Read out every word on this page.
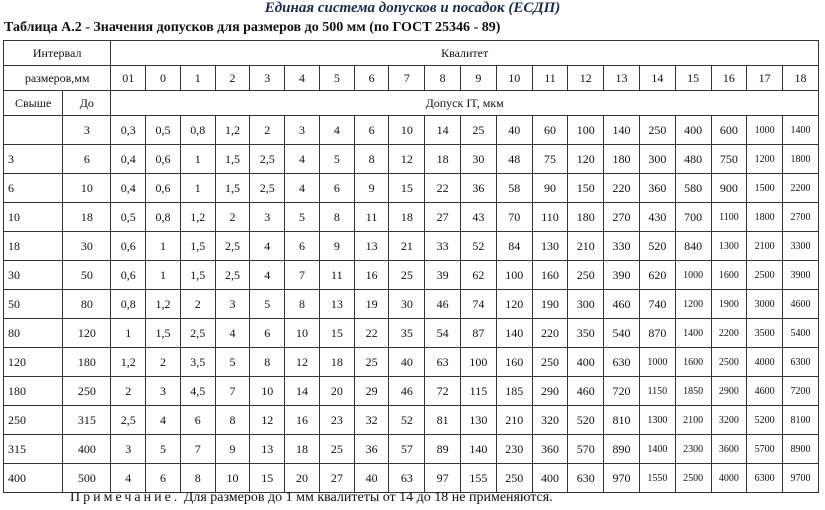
Единая система допусков и посадок (ЕСДП)
Таблица А.2 - Значения допусков для размеров до 500 мм (по ГОСТ 25346 - 89)
Интервал		Квалитет																			
размеров,мм		01	0	1	2	3	4	5	6	7	8	9	10	11	12	13	14	15	16	17	18
Свыше	До	Допуск IT, мкм																			
	3	0,3	0,5	0,8	1,2	2	3	4	6	10	14	25	40	60	100	140	250	400	600	1000	1400
3	6	0,4	0,6	1	1,5	2,5	4	5	8	12	18	30	48	75	120	180	300	480	750	1200	1800
6	10	0,4	0,6	1	1,5	2,5	4	6	9	15	22	36	58	90	150	220	360	580	900	1500	2200
10	18	0,5	0,8	1,2	2	3	5	8	11	18	27	43	70	110	180	270	430	700	1100	1800	2700
18	30	0,6	1	1,5	2,5	4	6	9	13	21	33	52	84	130	210	330	520	840	1300	2100	3300
30	50	0,6	1	1,5	2,5	4	7	11	16	25	39	62	100	160	250	390	620	1000	1600	2500	3900
50	80	0,8	1,2	2	3	5	8	13	19	30	46	74	120	190	300	460	740	1200	1900	3000	4600
80	120	1	1,5	2,5	4	6	10	15	22	35	54	87	140	220	350	540	870	1400	2200	3500	5400
120	180	1,2	2	3,5	5	8	12	18	25	40	63	100	160	250	400	630	1000	1600	2500	4000	6300
180	250	2	3	4,5	7	10	14	20	29	46	72	115	185	290	460	720	1150	1850	2900	4600	7200
250	315	2,5	4	6	8	12	16	23	32	52	81	130	210	320	520	810	1300	2100	3200	5200	8100
315	400	3	5	7	9	13	18	25	36	57	89	140	230	360	570	890	1400	2300	3600	5700	8900
400	500	4	6	8	10	15	20	27	40	63	97	155	250	400	630	970	1550	2500	4000	6300	9700
Примечание. Для размеров до 1 мм квалитеты от 14 до 18 не применяются.
